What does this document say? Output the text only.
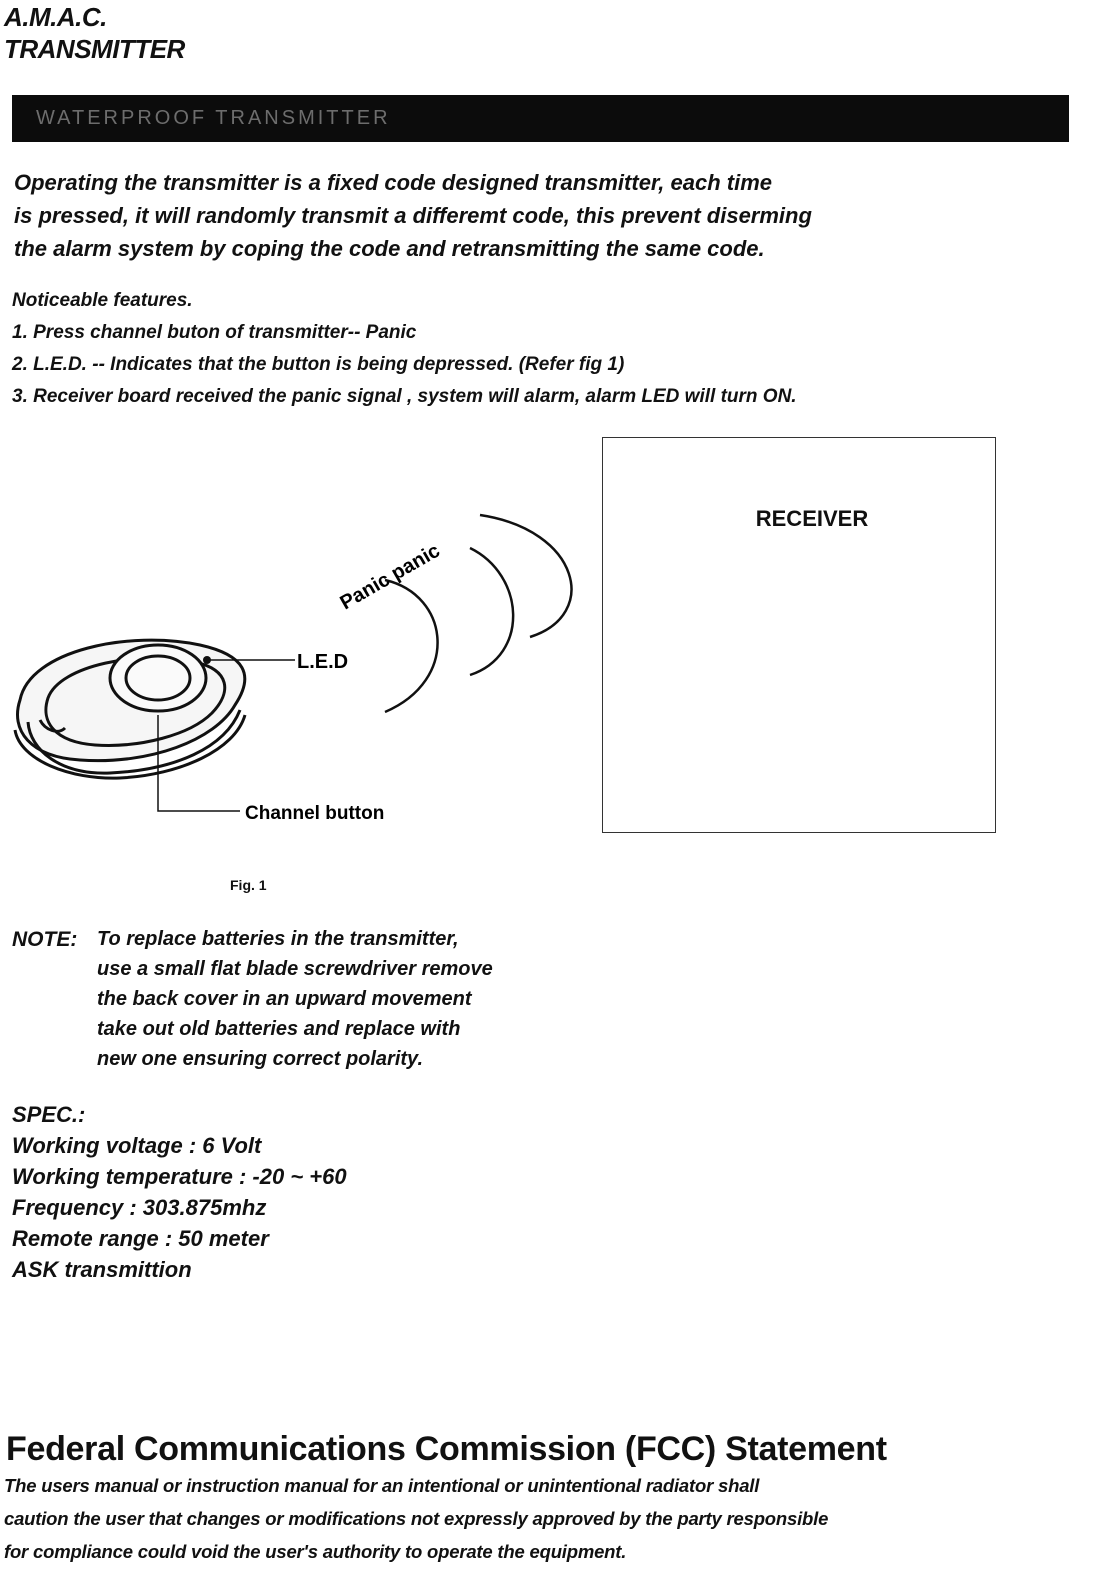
A.M.A.C.
TRANSMITTER
WATERPROOF TRANSMITTER
Operating the transmitter is a fixed code designed transmitter, each time
is pressed, it will randomly transmit a differemt code, this prevent diserming
the alarm system by coping the code and retransmitting the same code.
Noticeable features.
1. Press channel buton of transmitter-- Panic
2. L.E.D. -- Indicates that the button is being depressed. (Refer fig 1)
3. Receiver board received the panic signal , system will alarm, alarm LED will turn ON.
L.E.D
Channel button
Panic panic
RECEIVER
Fig. 1
NOTE: To replace batteries in the transmitter,
use a small flat blade screwdriver remove
the back cover in an upward movement
take out old batteries and replace with
new one ensuring correct polarity.
SPEC.:
Working voltage : 6 Volt
Working temperature : -20 ~ +60
Frequency : 303.875mhz
Remote range : 50 meter
ASK transmittion
Federal Communications Commission (FCC) Statement
The users manual or instruction manual for an intentional or unintentional radiator shall
caution the user that changes or modifications not expressly approved by the party responsible
for compliance could void the user's authority to operate the equipment.
